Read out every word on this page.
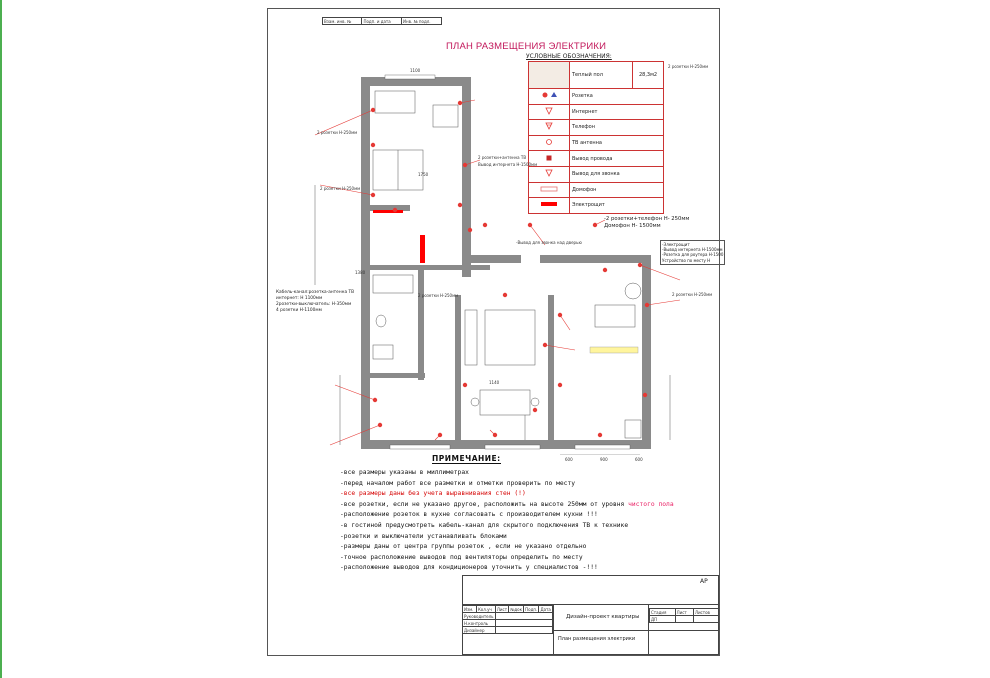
Взам. инв. №	Подп. и дата	Инв. № подл.
ПЛАН РАЗМЕЩЕНИЯ ЭЛЕКТРИКИ
УСЛОВНЫЕ ОБОЗНАЧЕНИЯ:
	Теплый пол	28,3м2
	Розетка	
	Интернет	
	Телефон	
	ТВ антенна	
	Вывод провода	
	Вывод для звонка	
	Домофон	
	Электрощит	
1100
1750
600	900	600
1140
1380
-2 розетки+телефон Н- 250мм
Домофон Н- 1500мм
-Вывод для звонка над дверью
Кабель-канал:розетка-антенна ТВ
интернет: Н 1100мм
2розетки-выключатель: Н-350мм
4 розетки Н-1100мм
2 розетки Н-250мм
2 розетки Н-250мм
2 розетки+антенна ТВ
Вывод интернета Н-1500мм
2 розетки Н-250мм	2 розетки Н-250мм
2 розетки Н-250мм
-Электрощит
-Вывод интернета Н-1500мм
-Розетка для роутера Н-1500
Устройство по месту Н
ПРИМЕЧАНИЕ:
-все размеры указаны в миллиметрах
-перед началом работ все разметки и отметки проверить по месту
-все размеры даны без учета выравнивания стен (!)
-все розетки, если не указано другое, расположить на высоте 250мм от уровня чистого пола
-расположение розеток в кухне согласовать с производителем кухни !!!
-в гостиной предусмотреть кабель-канал для скрытого подключения ТВ к технике
-розетки и выключатели устанавливать блоками
-размеры даны от центра группы розеток , если не указано отдельно
-точное расположение выводов под вентиляторы определить по месту
-расположение выводов для кондиционеров уточнить у специалистов -!!!
АР
Дизайн-проект квартиры
План размещения электрики
Стадия	Лист	Листов
ДП		
Изм.	Кол.уч	Лист	№док	Подп.	Дата
Руководитель					
Н.контроль					
Дизайнер					
